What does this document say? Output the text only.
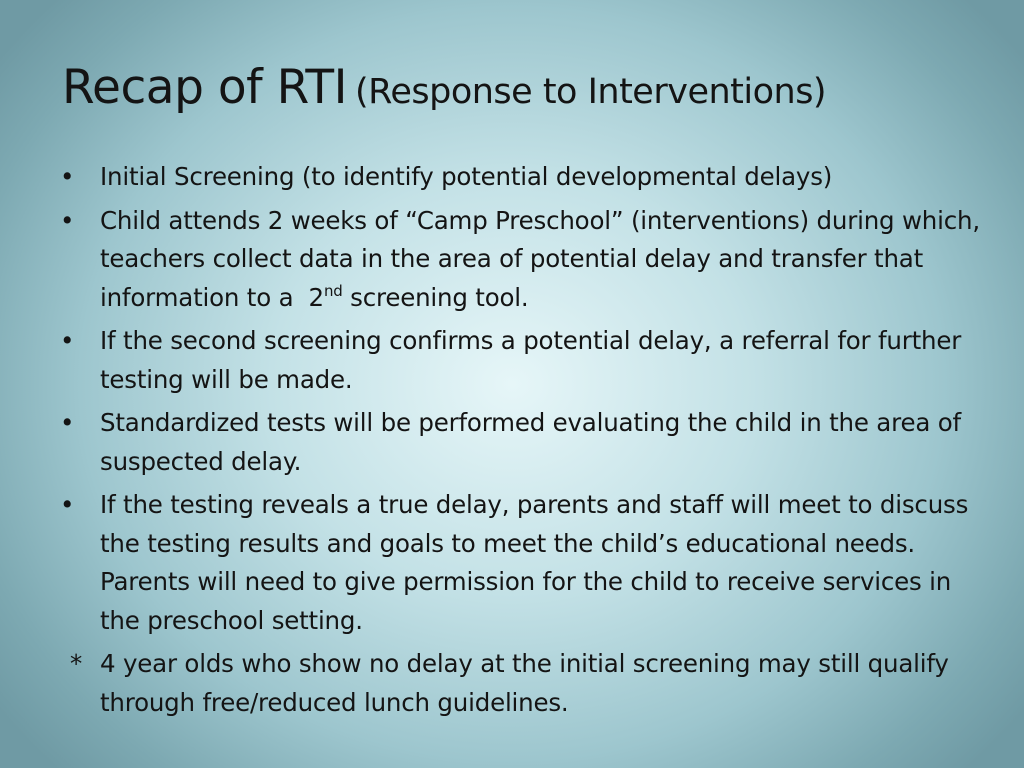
Recap of RTI (Response to Interventions)
• Initial Screening (to identify potential developmental delays)
• Child attends 2 weeks of “Camp Preschool” (interventions) during which, teachers collect data in the area of potential delay and transfer that information to a  2nd screening tool.
• If the second screening confirms a potential delay, a referral for further testing will be made.
• Standardized tests will be performed evaluating the child in the area of suspected delay.
• If the testing reveals a true delay, parents and staff will meet to discuss the testing results and goals to meet the child’s educational needs.  Parents will need to give permission for the child to receive services in the preschool setting.
* 4 year olds who show no delay at the initial screening may still qualify through free/reduced lunch guidelines.
